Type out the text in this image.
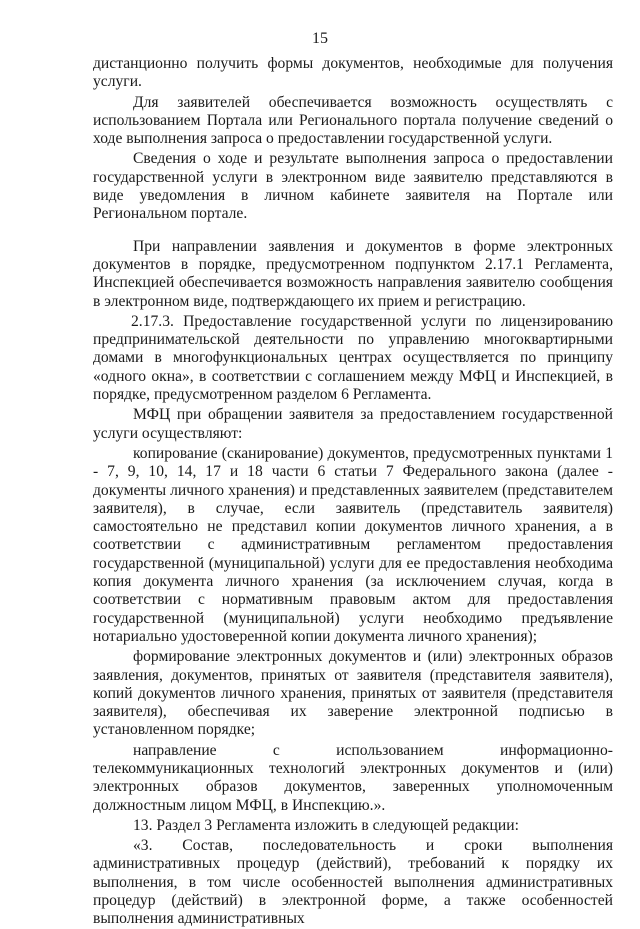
15

дистанционно получить формы документов, необходимые для получения услуги.

Для заявителей обеспечивается возможность осуществлять с использованием Портала или Регионального портала получение сведений о ходе выполнения запроса о предоставлении государственной услуги.

Сведения о ходе и результате выполнения запроса о предоставлении государственной услуги в электронном виде заявителю представляются в виде уведомления в личном кабинете заявителя на Портале или Региональном портале.

При направлении заявления и документов в форме электронных документов в порядке, предусмотренном подпунктом 2.17.1 Регламента, Инспекцией обеспечивается возможность направления заявителю сообщения в электронном виде, подтверждающего их прием и регистрацию.

2.17.3. Предоставление государственной услуги по лицензированию предпринимательской деятельности по управлению многоквартирными домами в многофункциональных центрах осуществляется по принципу «одного окна», в соответствии с соглашением между МФЦ и Инспекцией, в порядке, предусмотренном разделом 6 Регламента.

МФЦ при обращении заявителя за предоставлением государственной услуги осуществляют:

копирование (сканирование) документов, предусмотренных пунктами 1 - 7, 9, 10, 14, 17 и 18 части 6 статьи 7 Федерального закона (далее - документы личного хранения) и представленных заявителем (представителем заявителя), в случае, если заявитель (представитель заявителя) самостоятельно не представил копии документов личного хранения, а в соответствии с административным регламентом предоставления государственной (муниципальной) услуги для ее предоставления необходима копия документа личного хранения (за исключением случая, когда в соответствии с нормативным правовым актом для предоставления государственной (муниципальной) услуги необходимо предъявление нотариально удостоверенной копии документа личного хранения);

формирование электронных документов и (или) электронных образов заявления, документов, принятых от заявителя (представителя заявителя), копий документов личного хранения, принятых от заявителя (представителя заявителя), обеспечивая их заверение электронной подписью в установленном порядке;

направление с использованием информационно-телекоммуникационных технологий электронных документов и (или) электронных образов документов, заверенных уполномоченным должностным лицом МФЦ, в Инспекцию.».

13. Раздел 3 Регламента изложить в следующей редакции:

«3. Состав, последовательность и сроки выполнения административных процедур (действий), требований к порядку их выполнения, в том числе особенностей выполнения административных процедур (действий) в электронной форме, а также особенностей выполнения административных
